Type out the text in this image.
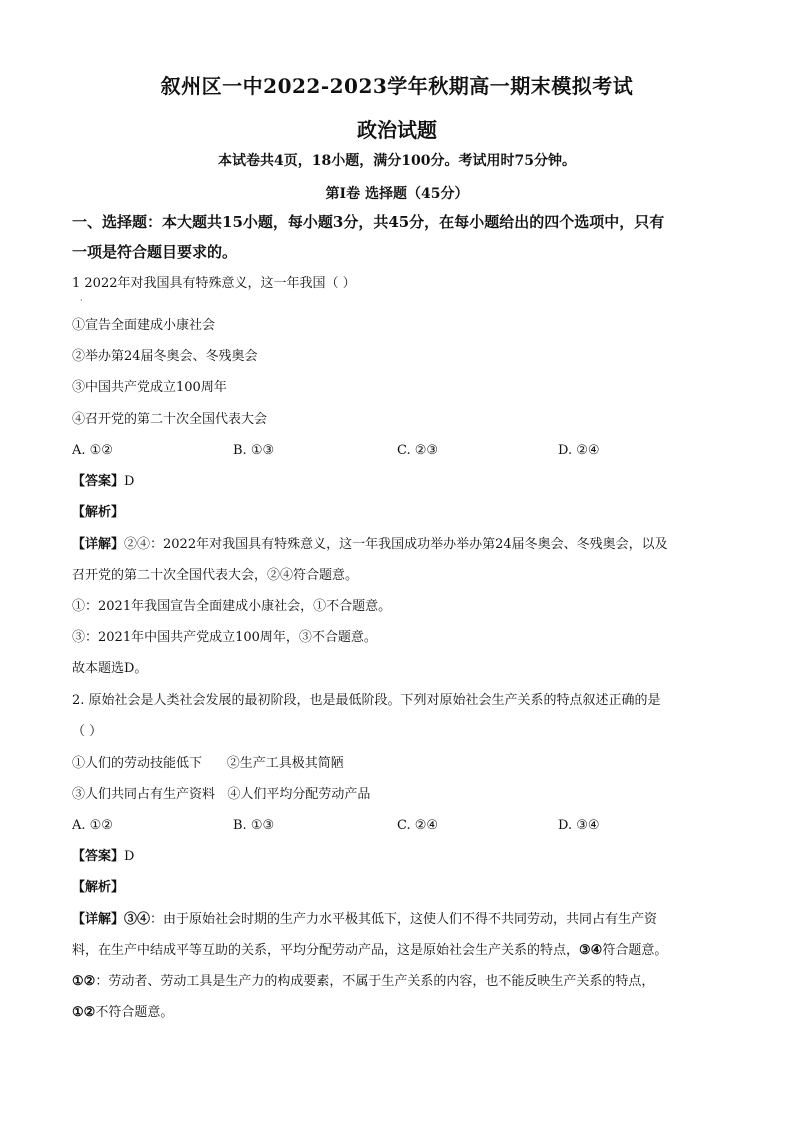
叙州区一中2022-2023学年秋期高一期末模拟考试
政治试题
本试卷共4页，18小题，满分100分。考试用时75分钟。
第I卷 选择题（45分）
一、选择题：本大题共15小题，每小题3分，共45分，在每小题给出的四个选项中，只有
一项是符合题目要求的。
1 2022年对我国具有特殊意义，这一年我国（ ）
·
①宣告全面建成小康社会
②举办第24届冬奥会、冬残奥会
③中国共产党成立100周年
④召开党的第二十次全国代表大会
A. ①②	B. ①③	C. ②③	D. ②④
【答案】D
【解析】
【详解】②④：2022年对我国具有特殊意义，这一年我国成功举办举办第24届冬奥会、冬残奥会，以及
召开党的第二十次全国代表大会，②④符合题意。
①：2021年我国宣告全面建成小康社会，①不合题意。
③：2021年中国共产党成立100周年，③不合题意。
故本题选D。
2. 原始社会是人类社会发展的最初阶段，也是最低阶段。下列对原始社会生产关系的特点叙述正确的是
（ ）
①人们的劳动技能低下      ②生产工具极其简陋
③人们共同占有生产资料   ④人们平均分配劳动产品
A. ①②	B. ①③	C. ②④	D. ③④
【答案】D
【解析】
【详解】③④：由于原始社会时期的生产力水平极其低下，这使人们不得不共同劳动，共同占有生产资
料，在生产中结成平等互助的关系，平均分配劳动产品，这是原始社会生产关系的特点，③④符合题意。
①②：劳动者、劳动工具是生产力的构成要素，不属于生产关系的内容，也不能反映生产关系的特点，
①②不符合题意。
